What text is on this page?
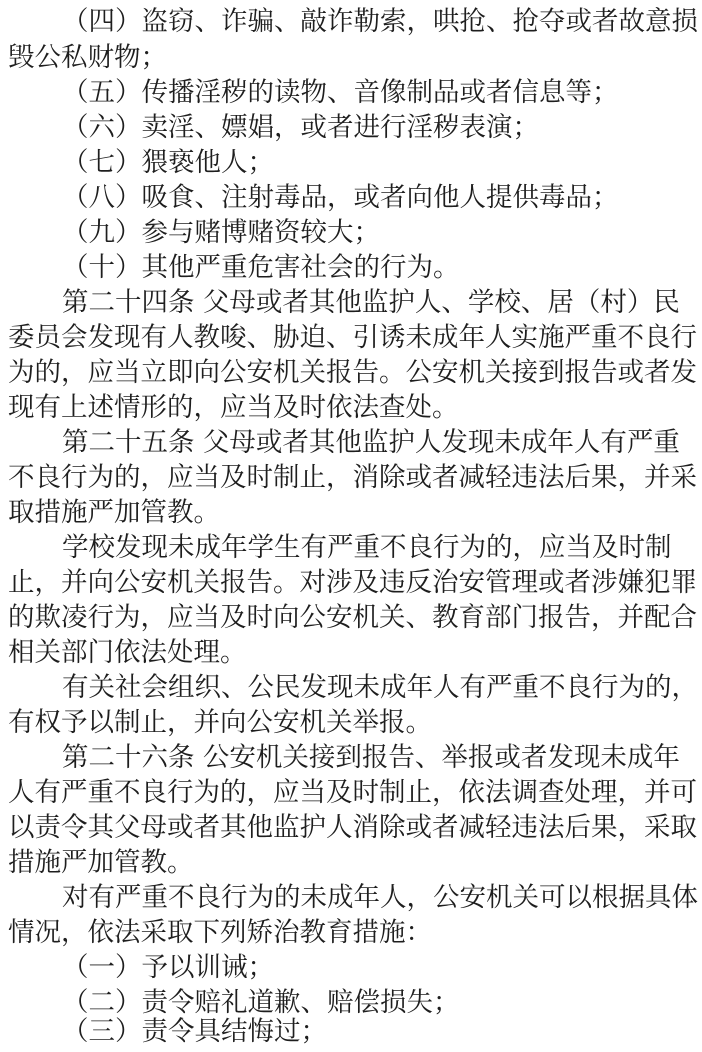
（四）盗窃、诈骗、敲诈勒索，哄抢、抢夺或者故意损
毁公私财物；
（五）传播淫秽的读物、音像制品或者信息等；
（六）卖淫、嫖娼，或者进行淫秽表演；
（七）猥亵他人；
（八）吸食、注射毒品，或者向他人提供毒品；
（九）参与赌博赌资较大；
（十）其他严重危害社会的行为。
第二十四条 父母或者其他监护人、学校、居（村）民
委员会发现有人教唆、胁迫、引诱未成年人实施严重不良行
为的，应当立即向公安机关报告。公安机关接到报告或者发
现有上述情形的，应当及时依法查处。
第二十五条 父母或者其他监护人发现未成年人有严重
不良行为的，应当及时制止，消除或者减轻违法后果，并采
取措施严加管教。
学校发现未成年学生有严重不良行为的，应当及时制
止，并向公安机关报告。对涉及违反治安管理或者涉嫌犯罪
的欺凌行为，应当及时向公安机关、教育部门报告，并配合
相关部门依法处理。
有关社会组织、公民发现未成年人有严重不良行为的，
有权予以制止，并向公安机关举报。
第二十六条 公安机关接到报告、举报或者发现未成年
人有严重不良行为的，应当及时制止，依法调查处理，并可
以责令其父母或者其他监护人消除或者减轻违法后果，采取
措施严加管教。
对有严重不良行为的未成年人，公安机关可以根据具体
情况，依法采取下列矫治教育措施：
（一）予以训诫；
（二）责令赔礼道歉、赔偿损失；
（三）责令具结悔过；
